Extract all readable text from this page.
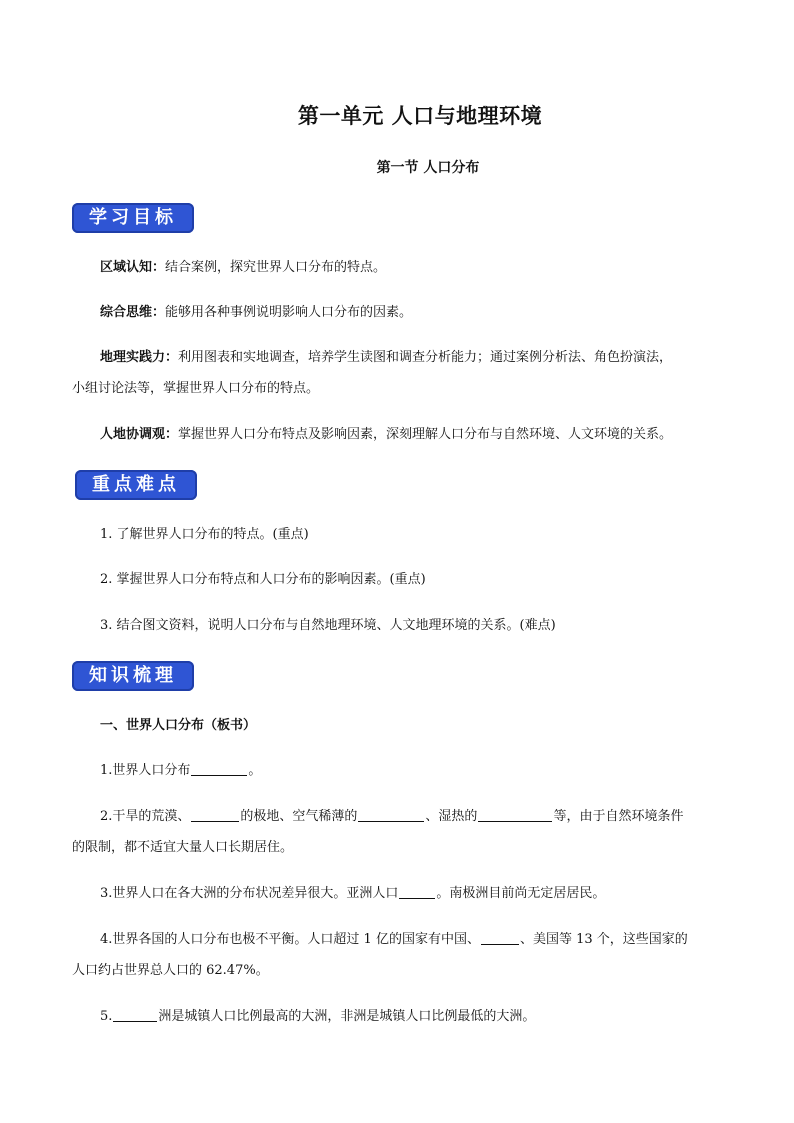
第一单元 人口与地理环境
第一节 人口分布
学习目标
区域认知：结合案例，探究世界人口分布的特点。
综合思维：能够用各种事例说明影响人口分布的因素。
地理实践力：利用图表和实地调查，培养学生读图和调查分析能力；通过案例分析法、角色扮演法，
小组讨论法等，掌握世界人口分布的特点。
人地协调观：掌握世界人口分布特点及影响因素，深刻理解人口分布与自然环境、人文环境的关系。
重点难点
1. 了解世界人口分布的特点。(重点)
2. 掌握世界人口分布特点和人口分布的影响因素。(重点)
3. 结合图文资料，说明人口分布与自然地理环境、人文地理环境的关系。(难点)
知识梳理
一、世界人口分布（板书）
1.世界人口分布	。
2.干旱的荒漠、	的极地、空气稀薄的	、湿热的	等，由于自然环境条件
的限制，都不适宜大量人口长期居住。
3.世界人口在各大洲的分布状况差异很大。亚洲人口	。南极洲目前尚无定居居民。
4.世界各国的人口分布也极不平衡。人口超过 1 亿的国家有中国、	、美国等 13 个，这些国家的
人口约占世界总人口的 62.47%。
5.	洲是城镇人口比例最高的大洲，非洲是城镇人口比例最低的大洲。
